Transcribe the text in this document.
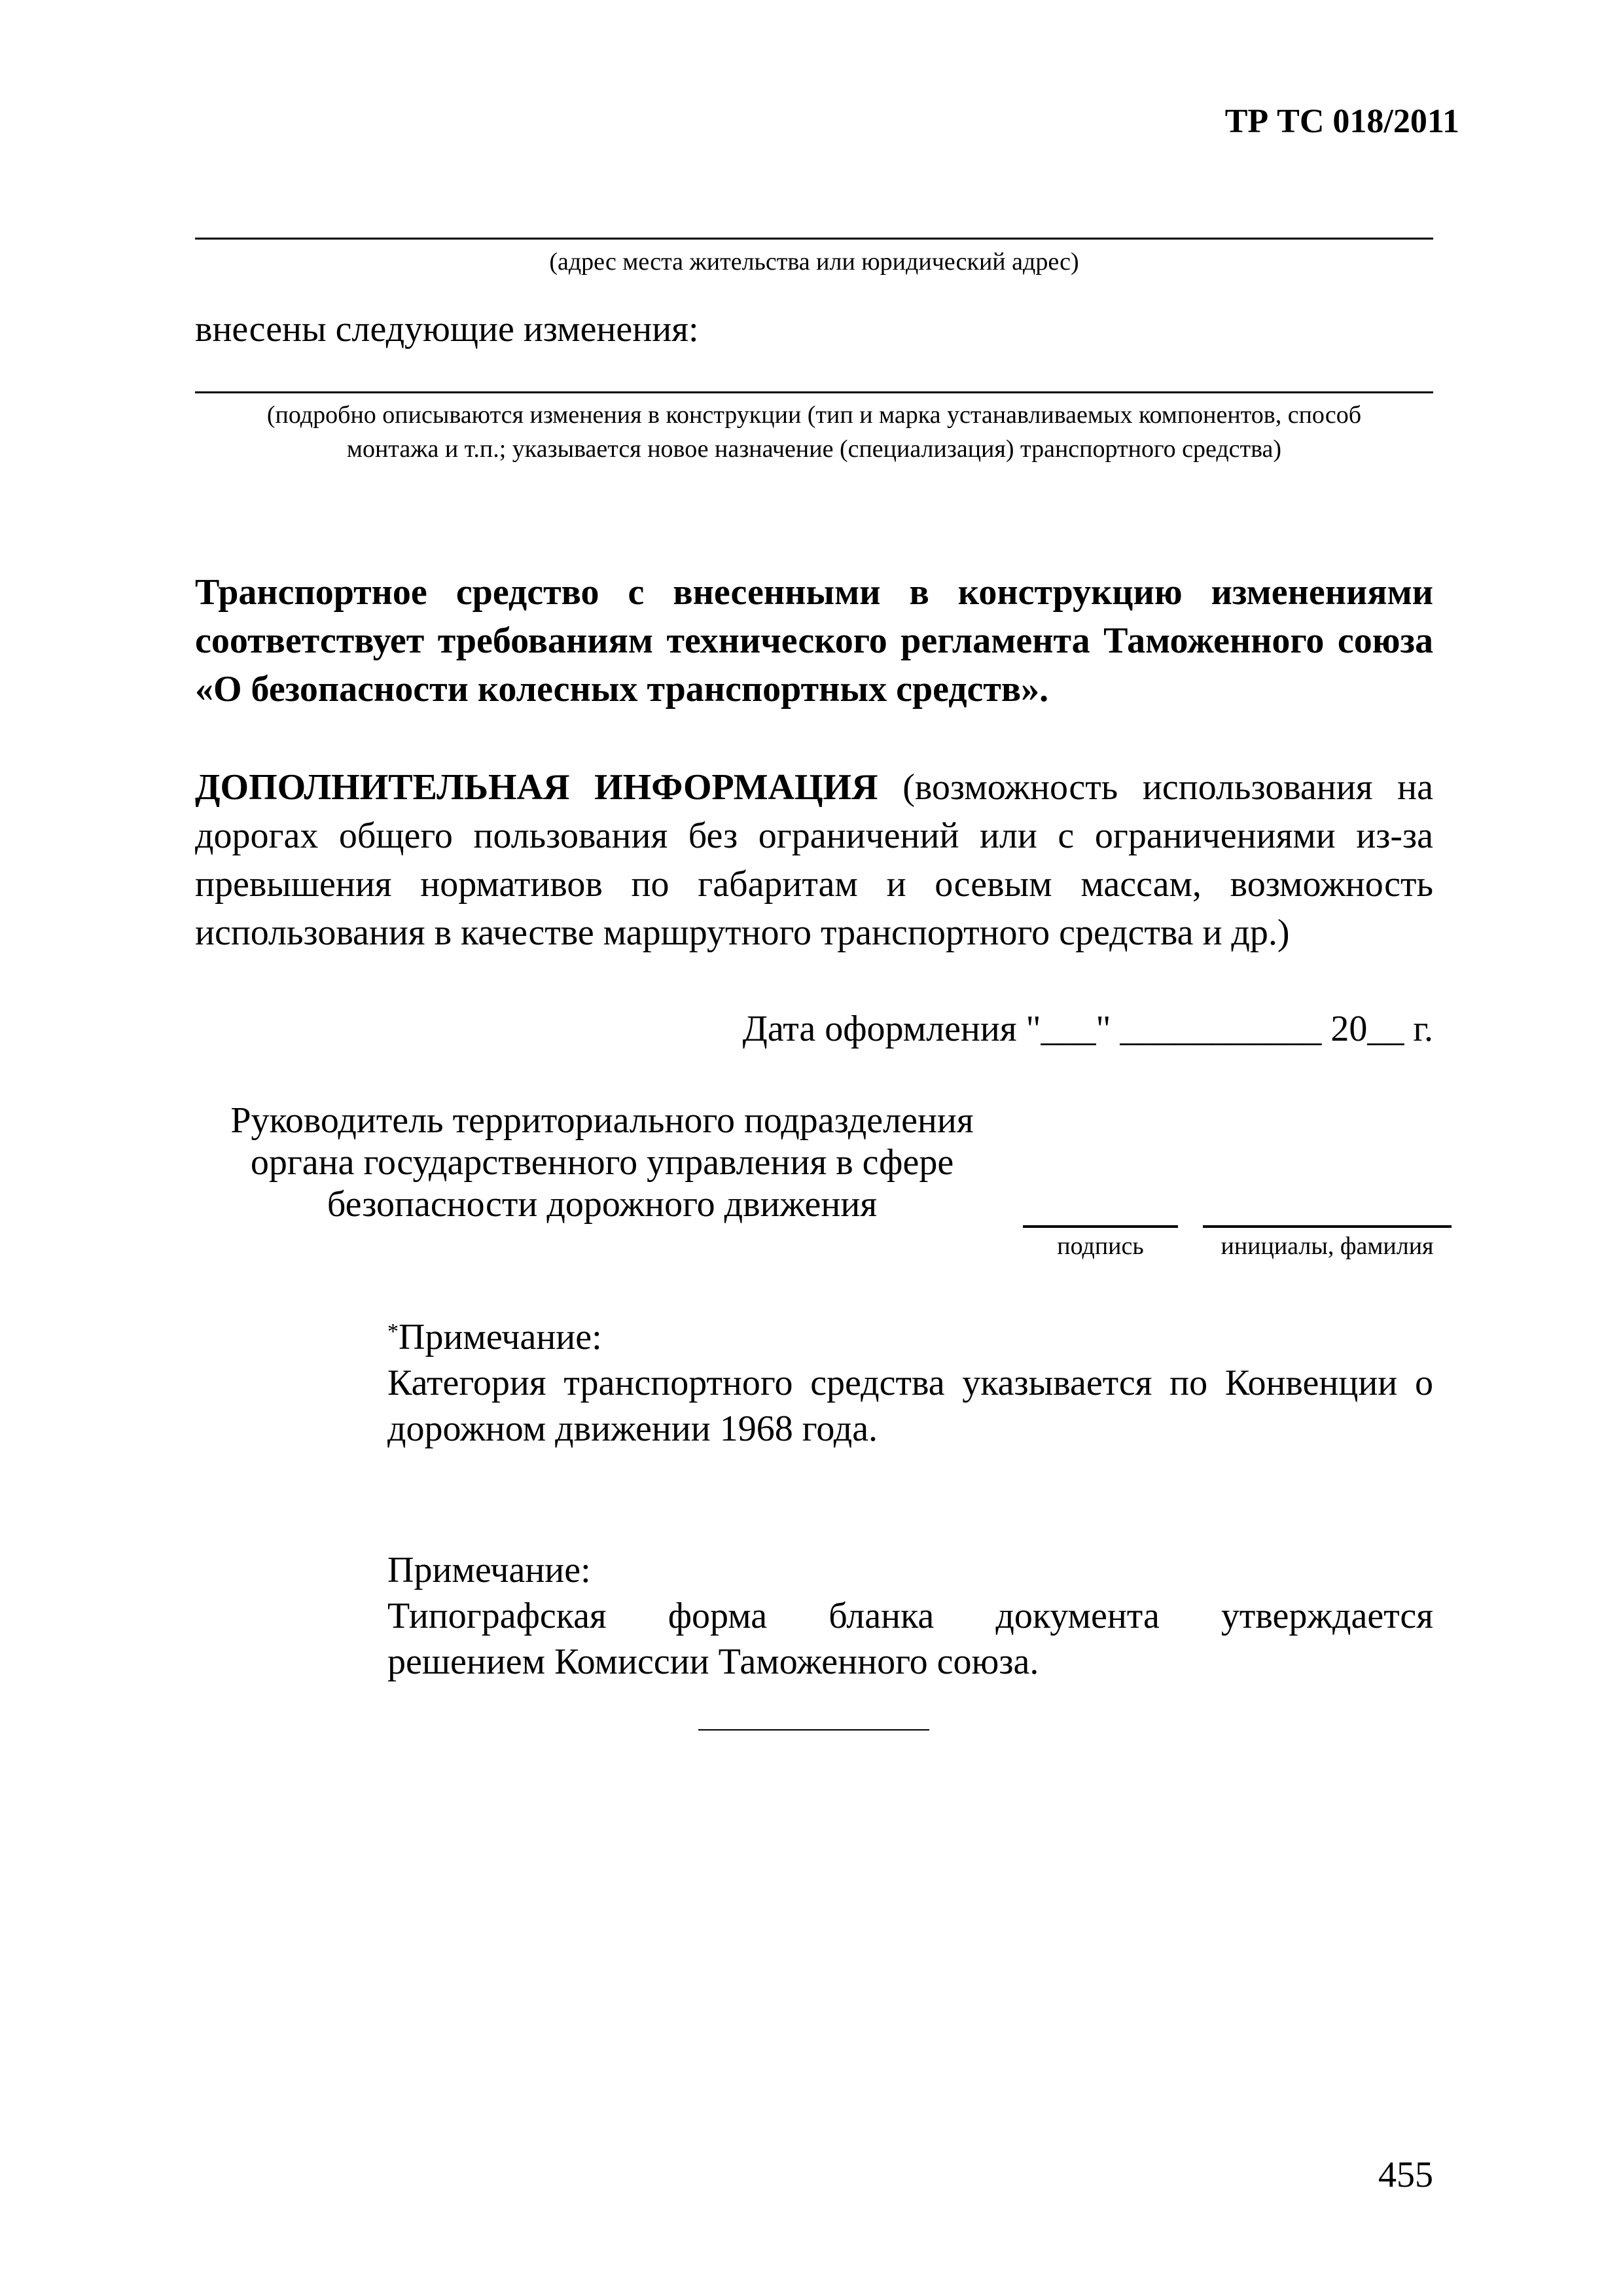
ТР ТС 018/2011
(адрес места жительства или юридический адрес)
внесены следующие изменения:
(подробно описываются изменения в конструкции (тип и марка устанавливаемых компонентов, способ
монтажа и т.п.; указывается новое назначение (специализация) транспортного средства)
Транспортное средство с внесенными в конструкцию изменениями соответствует требованиям технического регламента Таможенного союза «О безопасности колесных транспортных средств».
ДОПОЛНИТЕЛЬНАЯ ИНФОРМАЦИЯ (возможность использования на дорогах общего пользования без ограничений или с ограничениями из-за превышения нормативов по габаритам и осевым массам, возможность использования в качестве маршрутного транспортного средства и др.)
Дата оформления "___" ___________ 20__ г.
Руководитель территориального подразделения
органа государственного управления в сфере
безопасности дорожного движения
подпись	инициалы, фамилия
*Примечание:
Категория транспортного средства указывается по Конвенции о дорожном движении 1968 года.
Примечание:
Типографская форма бланка документа утверждается
решением Комиссии Таможенного союза.
455
